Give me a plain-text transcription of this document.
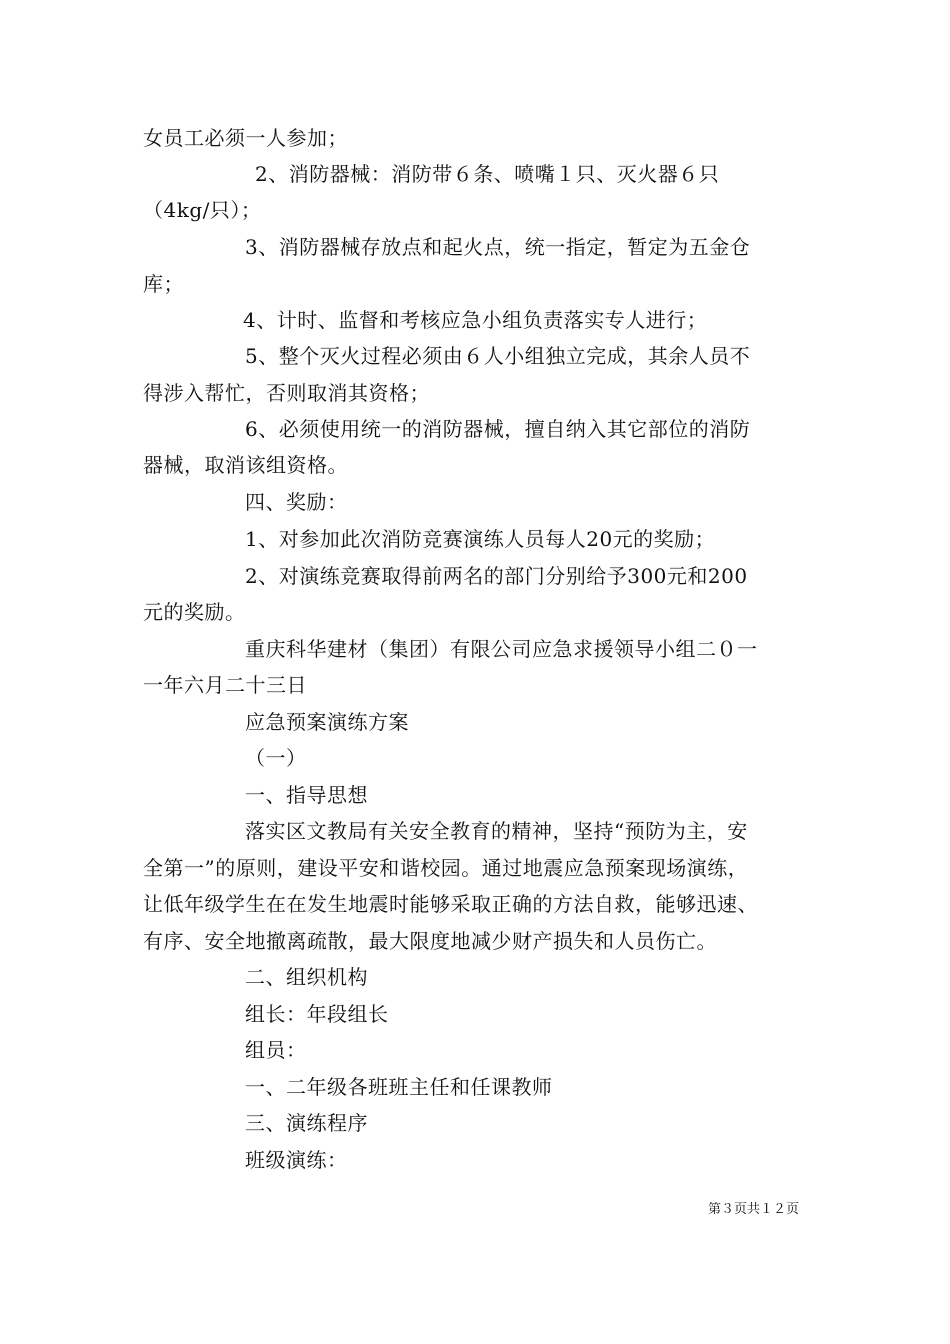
女员工必须一人参加；
2、消防器械：消防带６条、喷嘴１只、灭火器６只
（4kg/只）；
3、消防器械存放点和起火点，统一指定，暂定为五金仓
库；
4、计时、监督和考核应急小组负责落实专人进行；
5、整个灭火过程必须由６人小组独立完成，其余人员不
得涉入帮忙，否则取消其资格；
6、必须使用统一的消防器械，擅自纳入其它部位的消防
器械，取消该组资格。
四、奖励：
1、对参加此次消防竞赛演练人员每人20元的奖励；
2、对演练竞赛取得前两名的部门分别给予300元和200
元的奖励。
重庆科华建材（集团）有限公司应急求援领导小组二０一
一年六月二十三日
应急预案演练方案
（一）
一、指导思想
落实区文教局有关安全教育的精神，坚持“预防为主，安
全第一”的原则，建设平安和谐校园。通过地震应急预案现场演练，
让低年级学生在在发生地震时能够采取正确的方法自救，能够迅速、
有序、安全地撤离疏散，最大限度地减少财产损失和人员伤亡。
二、组织机构
组长：年段组长
组员：
一、二年级各班班主任和任课教师
三、演练程序
班级演练：
第３页共１２页
